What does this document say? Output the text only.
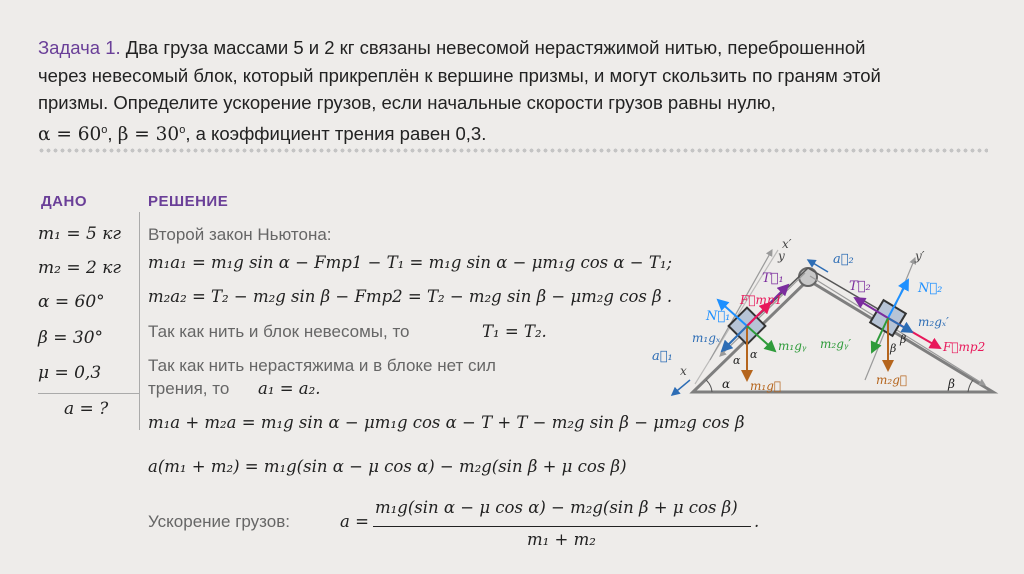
Задача 1. Два груза массами 5 и 2 кг связаны невесомой нерастяжимой нитью, переброшенной
через невесомый блок, который прикреплён к вершине призмы, и могут скользить по граням этой
призмы. Определите ускорение грузов, если начальные скорости грузов равны нулю,
$\alpha = 60^o$, $\beta = 30^o$, а коэффициент трения равен 0,3.
ДАНО
m₁ = 5 кг
m₂ = 2 кг
α = 60°
β = 30°
μ = 0,3
a = ?
РЕШЕНИЕ
Второй закон Ньютона:
m₁a₁ = m₁g sin α − Fтр1 − T₁ = m₁g sin α − μm₁g cos α − T₁;
m₂a₂ = T₂ − m₂g sin β − Fтр2 = T₂ − m₂g sin β − μm₂g cos β .
Так как нить и блок невесомы, то	T₁ = T₂.
Так как нить нерастяжима и в блоке нет сил
трения, то a₁ = a₂.
m₁a + m₂a = m₁g sin α − μm₁g cos α − T + T − m₂g sin β − μm₂g cos β
a(m₁ + m₂) = m₁g(sin α − μ cos α) − m₂g(sin β + μ cos β)
Ускорение грузов:	a =
m₁g(sin α − μ cos α) − m₂g(sin β + μ cos β)
m₁ + m₂
.
x
x′
y	y′
a⃗₁
a⃗₂
N⃗₁
N⃗₂
T⃗₁
T⃗₂
F⃗тр1
F⃗тр2
m₁gₓ
m₁gᵧ
m₁g⃗
m₂gₓ′
m₂gᵧ′
m₂g⃗
α α
α
β
β
β
